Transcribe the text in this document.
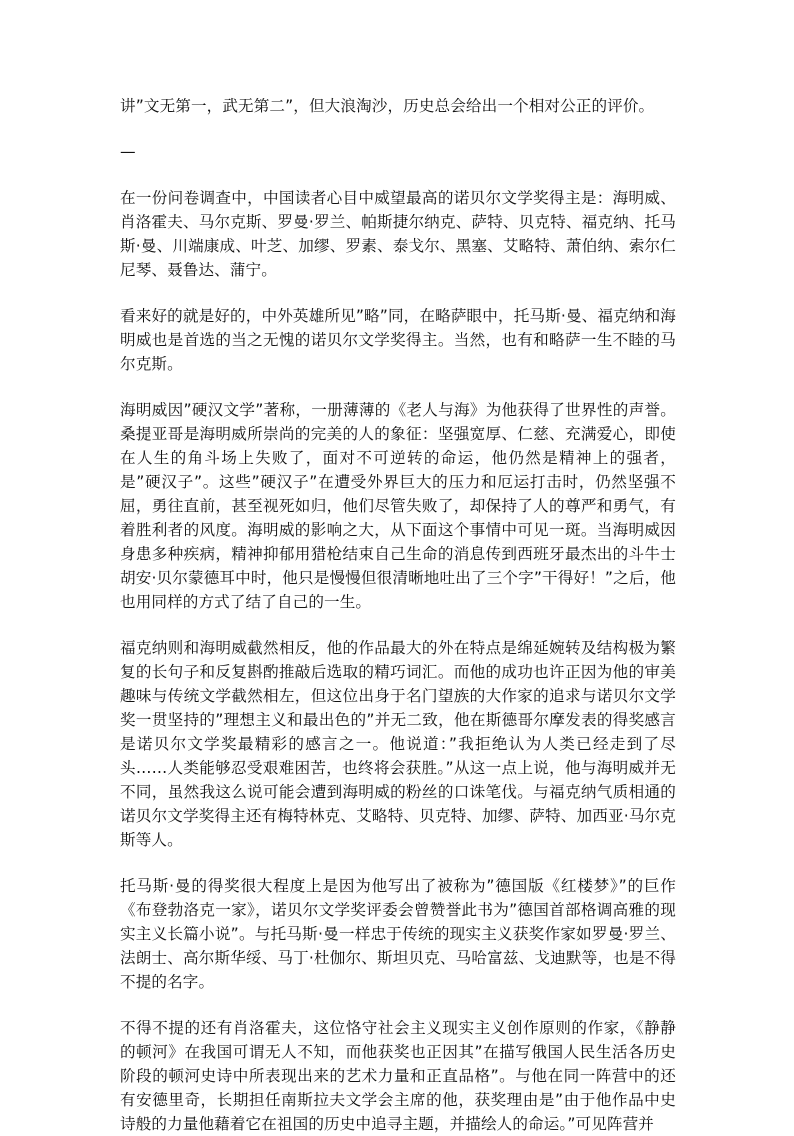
讲”文无第一，武无第二”，但大浪淘沙，历史总会给出一个相对公正的评价。

—

在一份问卷调查中，中国读者心目中威望最高的诺贝尔文学奖得主是：海明威、肖洛霍夫、马尔克斯、罗曼·罗兰、帕斯捷尔纳克、萨特、贝克特、福克纳、托马斯·曼、川端康成、叶芝、加缪、罗素、泰戈尔、黑塞、艾略特、萧伯纳、索尔仁尼琴、聂鲁达、蒲宁。

看来好的就是好的，中外英雄所见”略”同，在略萨眼中，托马斯·曼、福克纳和海明威也是首选的当之无愧的诺贝尔文学奖得主。当然，也有和略萨一生不睦的马尔克斯。

海明威因”硬汉文学”著称，一册薄薄的《老人与海》为他获得了世界性的声誉。桑提亚哥是海明威所崇尚的完美的人的象征：坚强宽厚、仁慈、充满爱心，即使在人生的角斗场上失败了，面对不可逆转的命运，他仍然是精神上的强者，是”硬汉子”。这些”硬汉子”在遭受外界巨大的压力和厄运打击时，仍然坚强不屈，勇往直前，甚至视死如归，他们尽管失败了，却保持了人的尊严和勇气，有着胜利者的风度。海明威的影响之大，从下面这个事情中可见一斑。当海明威因身患多种疾病，精神抑郁用猎枪结束自己生命的消息传到西班牙最杰出的斗牛士胡安·贝尔蒙德耳中时，他只是慢慢但很清晰地吐出了三个字”干得好！”之后，他也用同样的方式了结了自己的一生。

福克纳则和海明威截然相反，他的作品最大的外在特点是绵延婉转及结构极为繁复的长句子和反复斟酌推敲后选取的精巧词汇。而他的成功也许正因为他的审美趣味与传统文学截然相左，但这位出身于名门望族的大作家的追求与诺贝尔文学奖一贯坚持的”理想主义和最出色的”并无二致，他在斯德哥尔摩发表的得奖感言是诺贝尔文学奖最精彩的感言之一。他说道：”我拒绝认为人类已经走到了尽头……人类能够忍受艰难困苦，也终将会获胜。”从这一点上说，他与海明威并无不同，虽然我这么说可能会遭到海明威的粉丝的口诛笔伐。与福克纳气质相通的诺贝尔文学奖得主还有梅特林克、艾略特、贝克特、加缪、萨特、加西亚·马尔克斯等人。

托马斯·曼的得奖很大程度上是因为他写出了被称为”德国版《红楼梦》”的巨作《布登勃洛克一家》，诺贝尔文学奖评委会曾赞誉此书为”德国首部格调高雅的现实主义长篇小说”。与托马斯·曼一样忠于传统的现实主义获奖作家如罗曼·罗兰、法朗士、高尔斯华绥、马丁·杜伽尔、斯坦贝克、马哈富兹、戈迪默等，也是不得不提的名字。

不得不提的还有肖洛霍夫，这位恪守社会主义现实主义创作原则的作家，《静静的顿河》在我国可谓无人不知，而他获奖也正因其”在描写俄国人民生活各历史阶段的顿河史诗中所表现出来的艺术力量和正直品格”。与他在同一阵营中的还有安德里奇，长期担任南斯拉夫文学会主席的他，获奖理由是”由于他作品中史诗般的力量他藉着它在祖国的历史中追寻主题，并描绘人的命运。”可见阵营并
